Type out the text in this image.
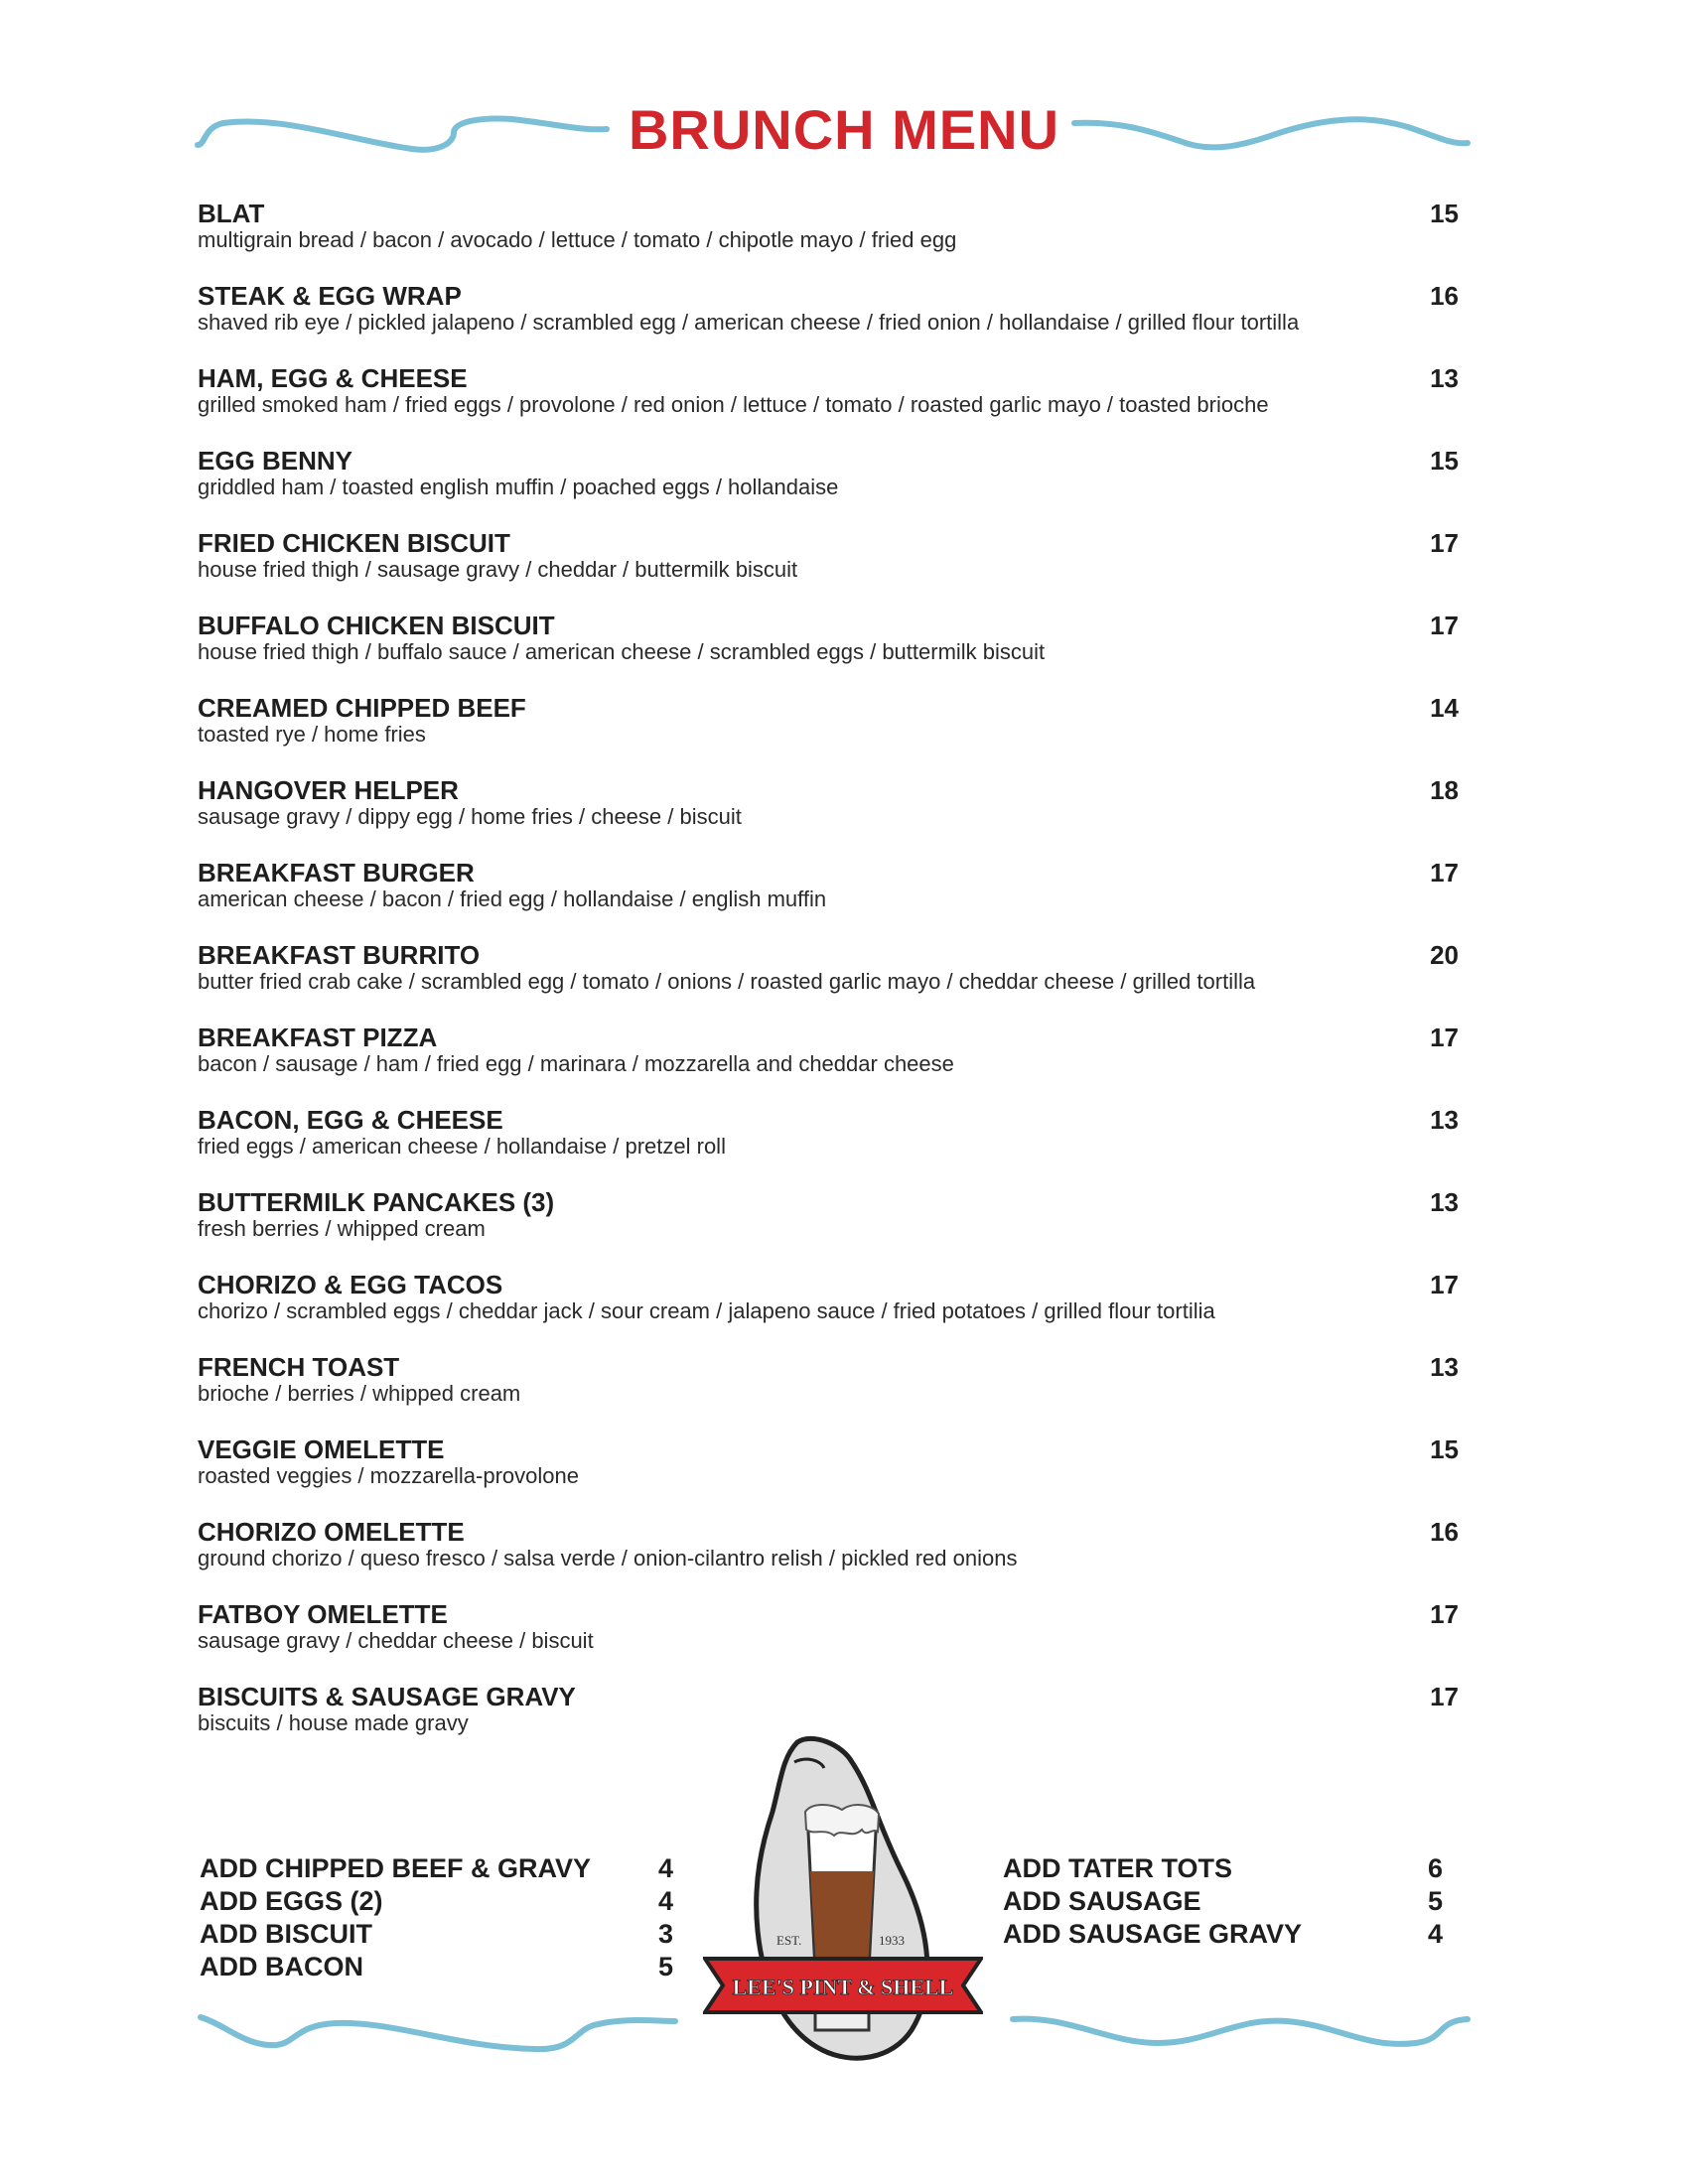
BRUNCH MENU
BLAT	15
multigrain bread / bacon / avocado / lettuce / tomato / chipotle mayo / fried egg
STEAK & EGG WRAP	16
shaved rib eye / pickled jalapeno / scrambled egg / american cheese / fried onion / hollandaise / grilled flour tortilla
HAM, EGG & CHEESE	13
grilled smoked ham / fried eggs / provolone / red onion / lettuce / tomato / roasted garlic mayo / toasted brioche
EGG BENNY	15
griddled ham / toasted english muffin / poached eggs / hollandaise
FRIED CHICKEN BISCUIT	17
house fried thigh / sausage gravy / cheddar / buttermilk biscuit
BUFFALO CHICKEN BISCUIT	17
house fried thigh / buffalo sauce / american cheese / scrambled eggs / buttermilk biscuit
CREAMED CHIPPED BEEF	14
toasted rye / home fries
HANGOVER HELPER	18
sausage gravy / dippy egg / home fries / cheese / biscuit
BREAKFAST BURGER	17
american cheese / bacon / fried egg / hollandaise / english muffin
BREAKFAST BURRITO	20
butter fried crab cake / scrambled egg / tomato / onions / roasted garlic mayo / cheddar cheese / grilled tortilla
BREAKFAST PIZZA	17
bacon / sausage / ham / fried egg / marinara / mozzarella and cheddar cheese
BACON, EGG & CHEESE	13
fried eggs / american cheese / hollandaise / pretzel roll
BUTTERMILK PANCAKES (3)	13
fresh berries / whipped cream
CHORIZO & EGG TACOS	17
chorizo / scrambled eggs / cheddar jack / sour cream / jalapeno sauce / fried potatoes / grilled flour tortilia
FRENCH TOAST	13
brioche / berries / whipped cream
VEGGIE OMELETTE	15
roasted veggies / mozzarella-provolone
CHORIZO OMELETTE	16
ground chorizo / queso fresco / salsa verde / onion-cilantro relish / pickled red onions
FATBOY OMELETTE	17
sausage gravy / cheddar cheese / biscuit
BISCUITS & SAUSAGE GRAVY	17
biscuits / house made gravy
ADD CHIPPED BEEF & GRAVY	4
ADD EGGS (2)	4
ADD BISCUIT	3
ADD BACON	5
ADD TATER TOTS	6
ADD SAUSAGE	5
ADD SAUSAGE GRAVY	4
EST.	1933
LEE'S PINT & SHELL
